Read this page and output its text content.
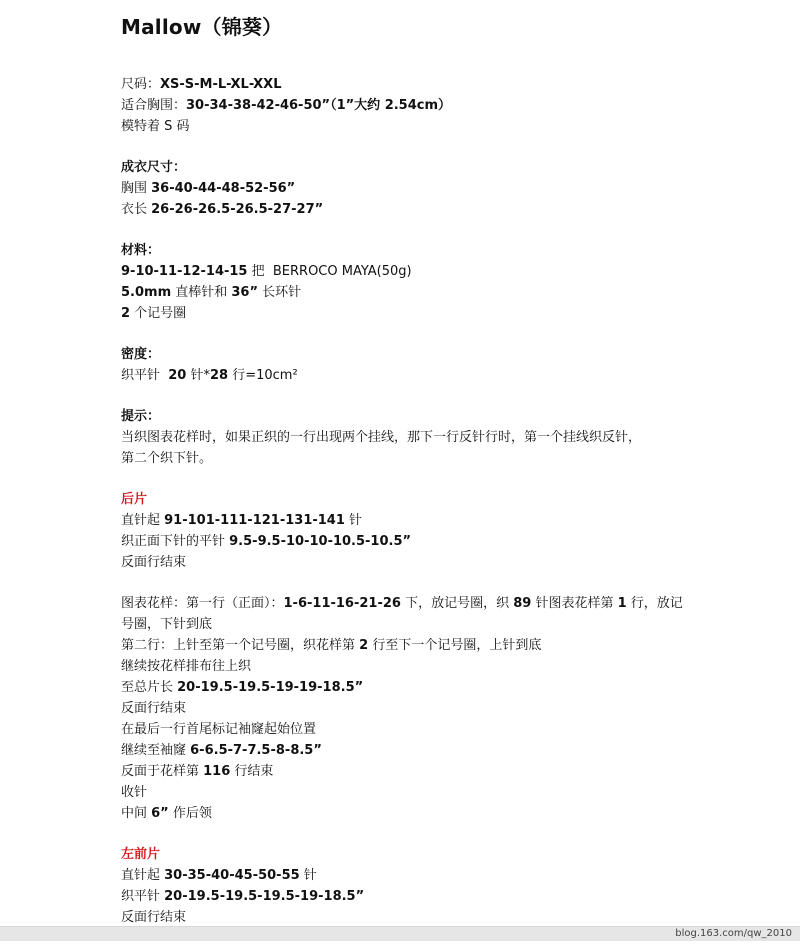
Mallow（锦葵）
尺码：XS-S-M-L-XL-XXL
适合胸围：30-34-38-42-46-50”（1”大约 2.54cm）
模特着 S 码
成衣尺寸：
胸围 36-40-44-48-52-56”
衣长 26-26-26.5-26.5-27-27”
材料：
9-10-11-12-14-15 把  BERROCO MAYA(50g)
5.0mm 直棒针和 36” 长环针
2 个记号圈
密度：
织平针  20 针*28 行=10cm²
提示：
当织图表花样时，如果正织的一行出现两个挂线，那下一行反针行时，第一个挂线织反针，
第二个织下针。
后片
直针起 91-101-111-121-131-141 针
织正面下针的平针 9.5-9.5-10-10-10.5-10.5”
反面行结束
图表花样：第一行（正面）：1-6-11-16-21-26 下，放记号圈，织 89 针图表花样第 1 行，放记
号圈，下针到底
第二行：上针至第一个记号圈，织花样第 2 行至下一个记号圈，上针到底
继续按花样排布往上织
至总片长 20-19.5-19.5-19-19-18.5”
反面行结束
在最后一行首尾标记袖窿起始位置
继续至袖窿 6-6.5-7-7.5-8-8.5”
反面于花样第 116 行结束
收针
中间 6” 作后领
左前片
直针起 30-35-40-45-50-55 针
织平针 20-19.5-19.5-19.5-19-18.5”
反面行结束
blog.163.com/qw_2010
